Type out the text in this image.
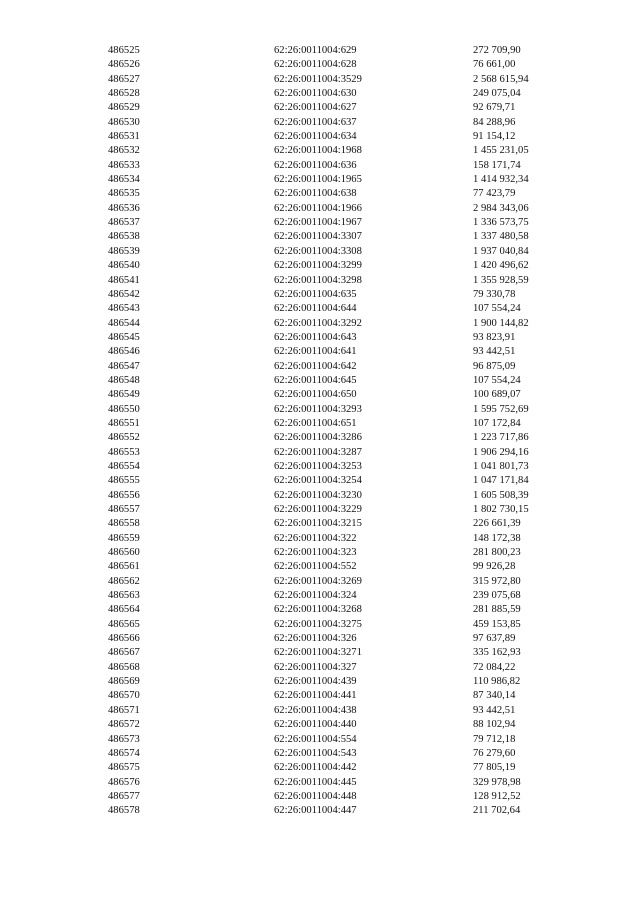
486525	62:26:0011004:629	272 709,90
486526	62:26:0011004:628	76 661,00
486527	62:26:0011004:3529	2 568 615,94
486528	62:26:0011004:630	249 075,04
486529	62:26:0011004:627	92 679,71
486530	62:26:0011004:637	84 288,96
486531	62:26:0011004:634	91 154,12
486532	62:26:0011004:1968	1 455 231,05
486533	62:26:0011004:636	158 171,74
486534	62:26:0011004:1965	1 414 932,34
486535	62:26:0011004:638	77 423,79
486536	62:26:0011004:1966	2 984 343,06
486537	62:26:0011004:1967	1 336 573,75
486538	62:26:0011004:3307	1 337 480,58
486539	62:26:0011004:3308	1 937 040,84
486540	62:26:0011004:3299	1 420 496,62
486541	62:26:0011004:3298	1 355 928,59
486542	62:26:0011004:635	79 330,78
486543	62:26:0011004:644	107 554,24
486544	62:26:0011004:3292	1 900 144,82
486545	62:26:0011004:643	93 823,91
486546	62:26:0011004:641	93 442,51
486547	62:26:0011004:642	96 875,09
486548	62:26:0011004:645	107 554,24
486549	62:26:0011004:650	100 689,07
486550	62:26:0011004:3293	1 595 752,69
486551	62:26:0011004:651	107 172,84
486552	62:26:0011004:3286	1 223 717,86
486553	62:26:0011004:3287	1 906 294,16
486554	62:26:0011004:3253	1 041 801,73
486555	62:26:0011004:3254	1 047 171,84
486556	62:26:0011004:3230	1 605 508,39
486557	62:26:0011004:3229	1 802 730,15
486558	62:26:0011004:3215	226 661,39
486559	62:26:0011004:322	148 172,38
486560	62:26:0011004:323	281 800,23
486561	62:26:0011004:552	99 926,28
486562	62:26:0011004:3269	315 972,80
486563	62:26:0011004:324	239 075,68
486564	62:26:0011004:3268	281 885,59
486565	62:26:0011004:3275	459 153,85
486566	62:26:0011004:326	97 637,89
486567	62:26:0011004:3271	335 162,93
486568	62:26:0011004:327	72 084,22
486569	62:26:0011004:439	110 986,82
486570	62:26:0011004:441	87 340,14
486571	62:26:0011004:438	93 442,51
486572	62:26:0011004:440	88 102,94
486573	62:26:0011004:554	79 712,18
486574	62:26:0011004:543	76 279,60
486575	62:26:0011004:442	77 805,19
486576	62:26:0011004:445	329 978,98
486577	62:26:0011004:448	128 912,52
486578	62:26:0011004:447	211 702,64
